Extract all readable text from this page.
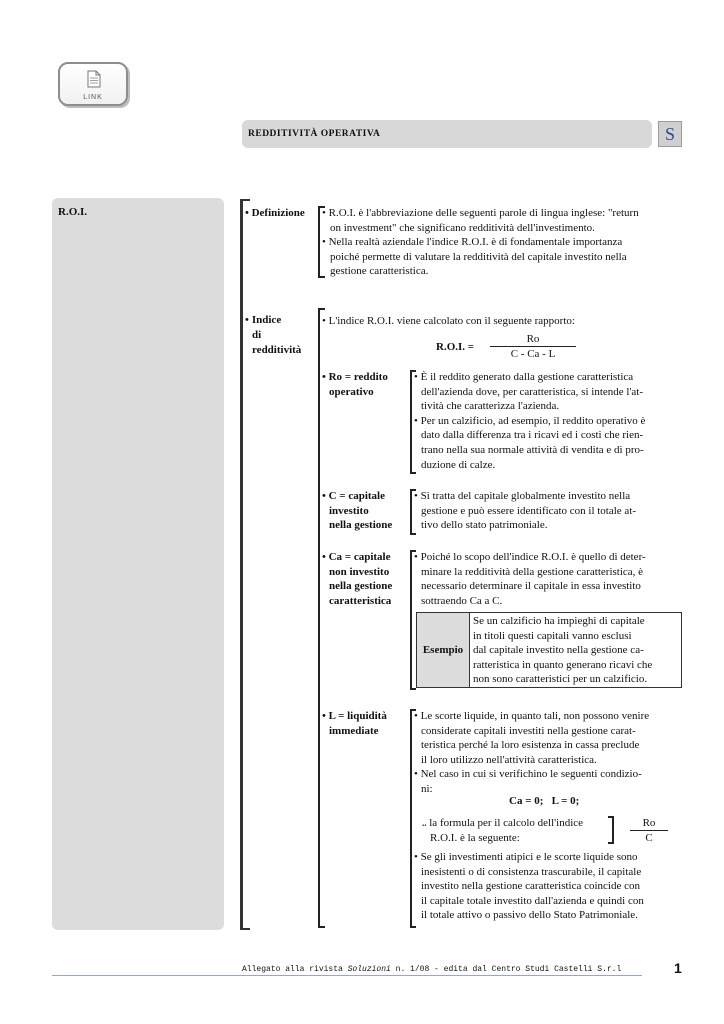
LINK
REDDITIVITÀ OPERATIVA	S
R.O.I.	• Definizione • R.O.I. è l'abbreviazione delle seguenti parole di lingua inglese: "return
on investment" che significano redditività dell'investimento.
• Nella realtà aziendale l'indice R.O.I. è di fondamentale importanza
poiché permette di valutare la redditività del capitale investito nella
gestione caratteristica.
• Indice
di
redditività
• L'indice R.O.I. viene calcolato con il seguente rapporto:
R.O.I. =
Ro
C - Ca - L
• Ro = reddito
operativo
• È il reddito generato dalla gestione caratteristica
dell'azienda dove, per caratteristica, si intende l'at-
tività che caratterizza l'azienda.
• Per un calzificio, ad esempio, il reddito operativo è
dato dalla differenza tra i ricavi ed i costi che rien-
trano nella sua normale attività di vendita e di pro-
duzione di calze.
• C = capitale
investito
nella gestione
• Si tratta del capitale globalmente investito nella
gestione e può essere identificato con il totale at-
tivo dello stato patrimoniale.
• Ca = capitale
non investito
nella gestione
caratteristica
• Poiché lo scopo dell'indice R.O.I. è quello di deter-
minare la redditività della gestione caratteristica, è
necessario determinare il capitale in essa investito
sottraendo Ca a C.
Esempio
Se un calzificio ha impieghi di capitale
in titoli questi capitali vanno esclusi
dal capitale investito nella gestione ca-
ratteristica in quanto generano ricavi che
non sono caratteristici per un calzificio.
• L = liquidità
immediate
• Le scorte liquide, in quanto tali, non possono venire
considerate capitali investiti nella gestione carat-
teristica perché la loro esistenza in cassa preclude
il loro utilizzo nell'attività caratteristica.
• Nel caso in cui si verifichino le seguenti condizio-
ni:
Ca = 0;   L = 0;
.. la formula per il calcolo dell'indice
R.O.I. è la seguente:
Ro
C
• Se gli investimenti atipici e le scorte liquide sono
inesistenti o di consistenza trascurabile, il capitale
investito nella gestione caratteristica coincide con
il capitale totale investito dall'azienda e quindi con
il totale attivo o passivo dello Stato Patrimoniale.
Allegato alla rivista Soluzioni n. 1/08 - edita dal Centro Studi Castelli S.r.l	1
